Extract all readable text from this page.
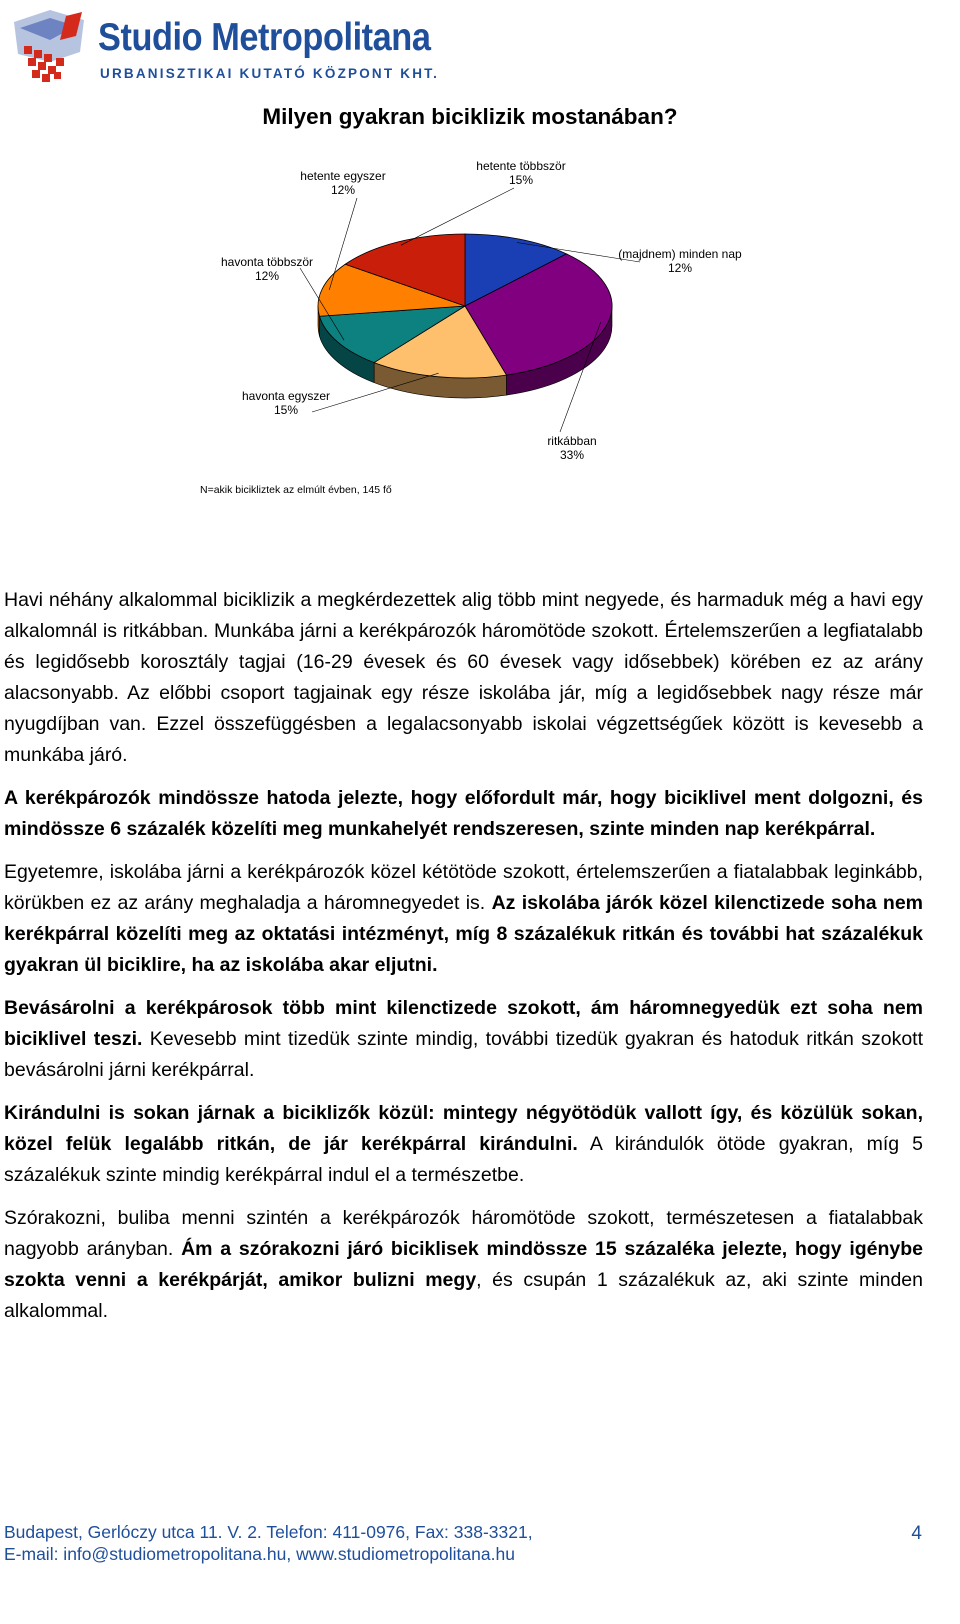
Studio Metropolitana
URBANISZTIKAI KUTATÓ KÖZPONT KHT.
Milyen gyakran biciklizik mostanában?
(majdnem) minden nap
12%
ritkábban
33%
havonta egyszer
15%
havonta többször
12%
hetente egyszer
12%
hetente többször
15%
N=akik bicikliztek az elmúlt évben, 145 fő

Havi néhány alkalommal biciklizik a megkérdezettek alig több mint negyede, és harmaduk még a havi egy alkalomnál is ritkábban. Munkába járni a kerékpározók háromötöde szokott. Értelemszerűen a legfiatalabb és legidősebb korosztály tagjai (16-29 évesek és 60 évesek vagy idősebbek) körében ez az arány alacsonyabb. Az előbbi csoport tagjainak egy része iskolába jár, míg a legidősebbek nagy része már nyugdíjban van. Ezzel összefüggésben a legalacsonyabb iskolai végzettségűek között is kevesebb a munkába járó.

A kerékpározók mindössze hatoda jelezte, hogy előfordult már, hogy biciklivel ment dolgozni, és mindössze 6 százalék közelíti meg munkahelyét rendszeresen, szinte minden nap kerékpárral.

Egyetemre, iskolába járni a kerékpározók közel kétötöde szokott, értelemszerűen a fiatalabbak leginkább, körükben ez az arány meghaladja a háromnegyedet is. Az iskolába járók közel kilenctizede soha nem kerékpárral közelíti meg az oktatási intézményt, míg 8 százalékuk ritkán és további hat százalékuk gyakran ül biciklire, ha az iskolába akar eljutni.

Bevásárolni a kerékpárosok több mint kilenctizede szokott, ám háromnegyedük ezt soha nem biciklivel teszi. Kevesebb mint tizedük szinte mindig, további tizedük gyakran és hatoduk ritkán szokott bevásárolni járni kerékpárral.

Kirándulni is sokan járnak a biciklizők közül: mintegy négyötödük vallott így, és közülük sokan, közel felük legalább ritkán, de jár kerékpárral kirándulni. A kirándulók ötöde gyakran, míg 5 százalékuk szinte mindig kerékpárral indul el a természetbe.

Szórakozni, buliba menni szintén a kerékpározók háromötöde szokott, természetesen a fiatalabbak nagyobb arányban. Ám a szórakozni járó biciklisek mindössze 15 százaléka jelezte, hogy igénybe szokta venni a kerékpárját, amikor bulizni megy, és csupán 1 százalékuk az, aki szinte minden alkalommal.

Budapest, Gerlóczy utca 11. V. 2. Telefon: 411-0976, Fax: 338-3321,
E-mail: info@studiometropolitana.hu, www.studiometropolitana.hu
4
